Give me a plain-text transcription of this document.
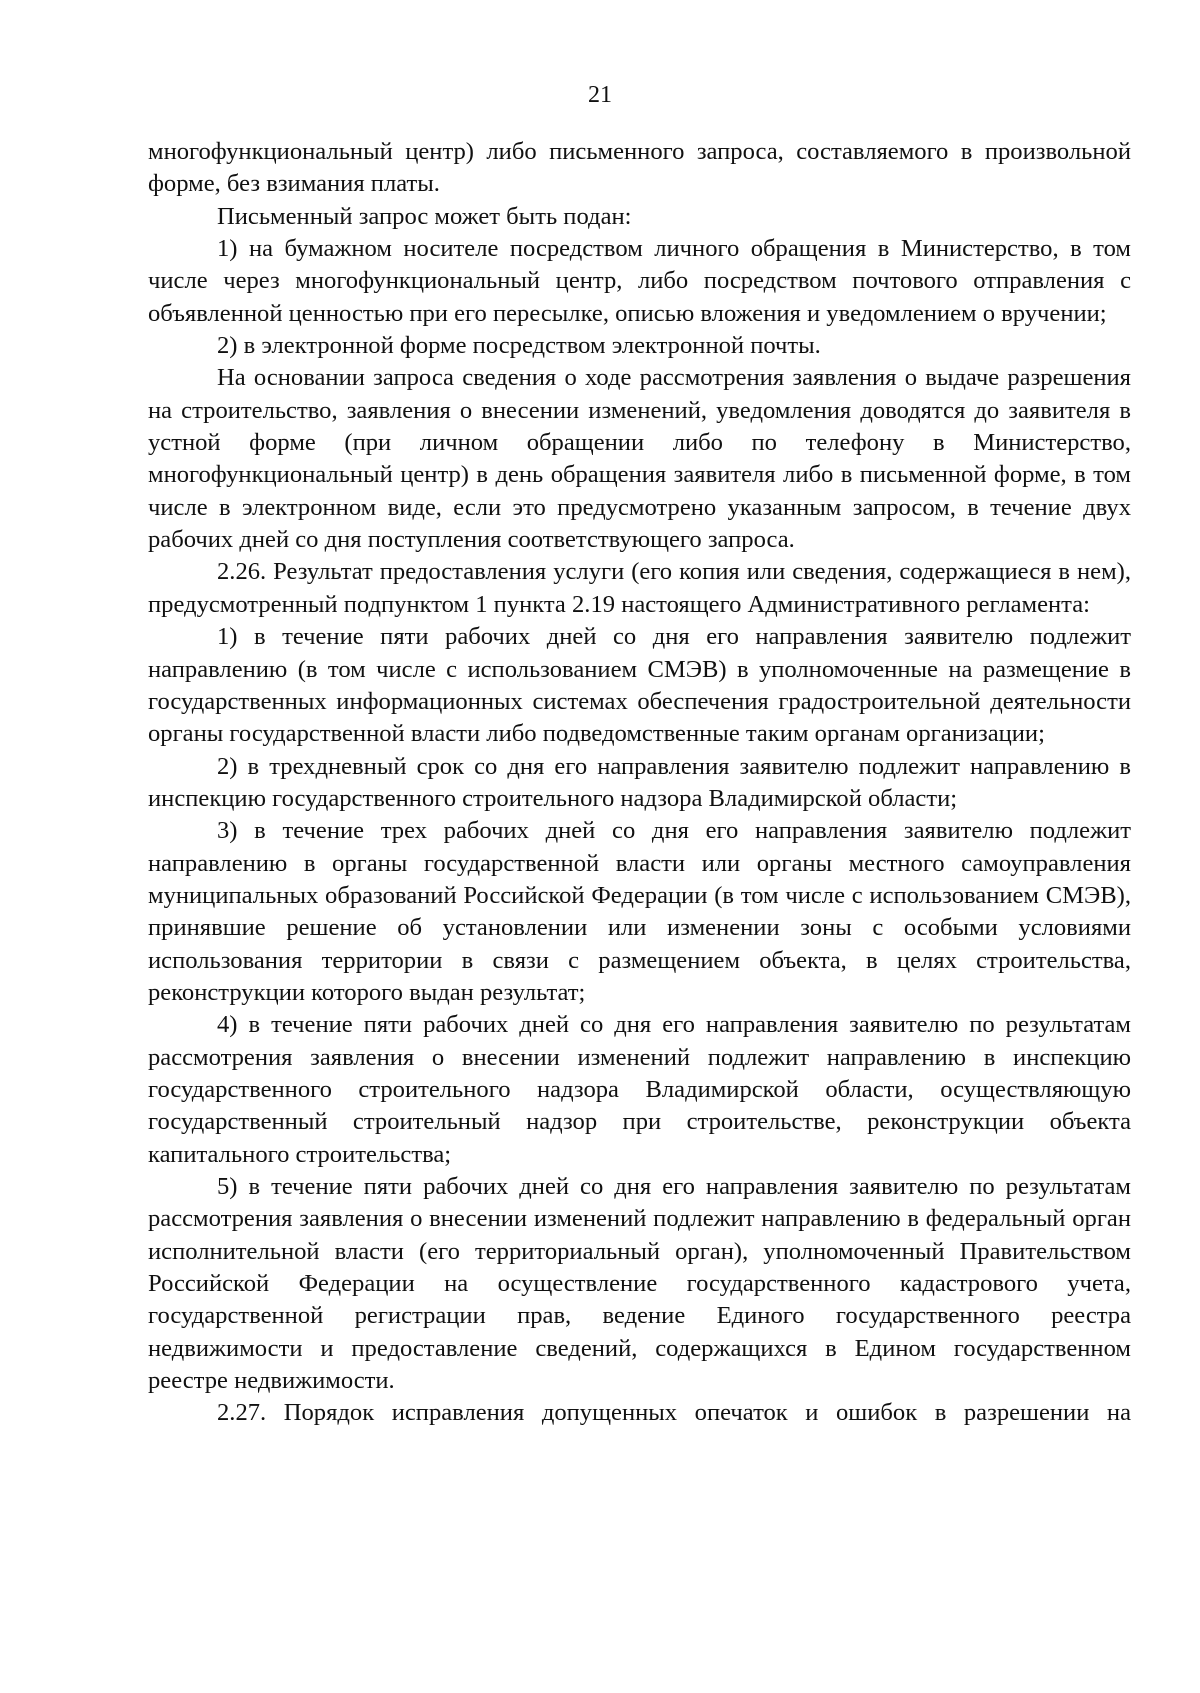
21

многофункциональный центр) либо письменного запроса, составляемого в произвольной форме, без взимания платы.

Письменный запрос может быть подан:

1) на бумажном носителе посредством личного обращения в Министерство, в том числе через многофункциональный центр, либо посредством почтового отправления с объявленной ценностью при его пересылке, описью вложения и уведомлением о вручении;

2) в электронной форме посредством электронной почты.

На основании запроса сведения о ходе рассмотрения заявления о выдаче разрешения на строительство, заявления о внесении изменений, уведомления доводятся до заявителя в устной форме (при личном обращении либо по телефону в Министерство, многофункциональный центр) в день обращения заявителя либо в письменной форме, в том числе в электронном виде, если это предусмотрено указанным запросом, в течение двух рабочих дней со дня поступления соответствующего запроса.

2.26. Результат предоставления услуги (его копия или сведения, содержащиеся в нем), предусмотренный подпунктом 1 пункта 2.19 настоящего Административного регламента:

1) в течение пяти рабочих дней со дня его направления заявителю подлежит направлению (в том числе с использованием СМЭВ) в уполномоченные на размещение в государственных информационных системах обеспечения градостроительной деятельности органы государственной власти либо подведомственные таким органам организации;

2) в трехдневный срок со дня его направления заявителю подлежит направлению в инспекцию государственного строительного надзора Владимирской области;

3) в течение трех рабочих дней со дня его направления заявителю подлежит направлению в органы государственной власти или органы местного самоуправления муниципальных образований Российской Федерации (в том числе с использованием СМЭВ), принявшие решение об установлении или изменении зоны с особыми условиями использования территории в связи с размещением объекта, в целях строительства, реконструкции которого выдан результат;

4) в течение пяти рабочих дней со дня его направления заявителю по результатам рассмотрения заявления о внесении изменений подлежит направлению в инспекцию государственного строительного надзора Владимирской области, осуществляющую государственный строительный надзор при строительстве, реконструкции объекта капитального строительства;

5) в течение пяти рабочих дней со дня его направления заявителю по результатам рассмотрения заявления о внесении изменений подлежит направлению в федеральный орган исполнительной власти (его территориальный орган), уполномоченный Правительством Российской Федерации на осуществление государственного кадастрового учета, государственной регистрации прав, ведение Единого государственного реестра недвижимости и предоставление сведений, содержащихся в Едином государственном реестре недвижимости.

2.27. Порядок исправления допущенных опечаток и ошибок в разрешении на
